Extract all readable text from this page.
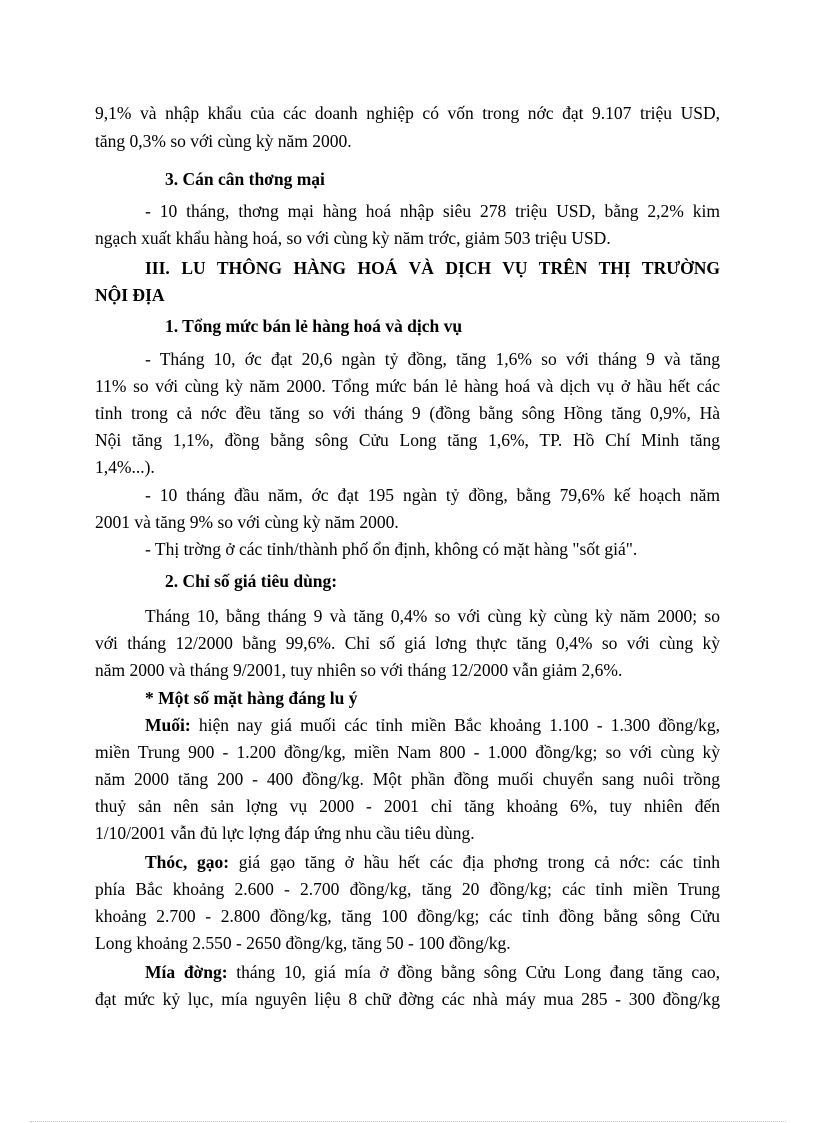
9,1% và nhập khẩu của các doanh nghiệp có vốn trong nớc đạt 9.107 triệu USD,
tăng 0,3% so với cùng kỳ năm 2000.
3. Cán cân thơng mại
- 10 tháng, thơng mại hàng hoá nhập siêu 278 triệu USD, bằng 2,2% kim
ngạch xuất khẩu hàng hoá, so với cùng kỳ năm trớc, giảm 503 triệu USD.
III. LU THÔNG HÀNG HOÁ VÀ DỊCH VỤ TRÊN THỊ TRƯỜNG
NỘI ĐỊA
1. Tổng mức bán lẻ hàng hoá và dịch vụ
- Tháng 10, ớc đạt 20,6 ngàn tỷ đồng, tăng 1,6% so với tháng 9 và tăng
11% so với cùng kỳ năm 2000. Tổng mức bán lẻ hàng hoá và dịch vụ ở hầu hết các
tỉnh trong cả nớc đều tăng so với tháng 9 (đồng bằng sông Hồng tăng 0,9%, Hà
Nội tăng 1,1%, đồng bằng sông Cửu Long tăng 1,6%, TP. Hồ Chí Minh tăng
1,4%...).
- 10 tháng đầu năm, ớc đạt 195 ngàn tỷ đồng, bằng 79,6% kế hoạch năm
2001 và tăng 9% so với cùng kỳ năm 2000.
- Thị trờng ở các tỉnh/thành phố ổn định, không có mặt hàng "sốt giá".
2. Chỉ số giá tiêu dùng:
Tháng 10, bằng tháng 9 và tăng 0,4% so với cùng kỳ cùng kỳ năm 2000; so
với tháng 12/2000 bằng 99,6%. Chỉ số giá lơng thực tăng 0,4% so với cùng kỳ
năm 2000 và tháng 9/2001, tuy nhiên so với tháng 12/2000 vẫn giảm 2,6%.
* Một số mặt hàng đáng lu ý
Muối: hiện nay giá muối các tỉnh miền Bắc khoảng 1.100 - 1.300 đồng/kg,
miền Trung 900 - 1.200 đồng/kg, miền Nam 800 - 1.000 đồng/kg; so với cùng kỳ
năm 2000 tăng 200 - 400 đồng/kg. Một phần đồng muối chuyển sang nuôi trồng
thuỷ sản nên sản lợng vụ 2000 - 2001 chỉ tăng khoảng 6%, tuy nhiên đến
1/10/2001 vẫn đủ lực lợng đáp ứng nhu cầu tiêu dùng.
Thóc, gạo: giá gạo tăng ở hầu hết các địa phơng trong cả nớc: các tỉnh
phía Bắc khoảng 2.600 - 2.700 đồng/kg, tăng 20 đồng/kg; các tỉnh miền Trung
khoảng 2.700 - 2.800 đồng/kg, tăng 100 đồng/kg; các tỉnh đồng bằng sông Cửu
Long khoảng 2.550 - 2650 đồng/kg, tăng 50 - 100 đồng/kg.
Mía đờng: tháng 10, giá mía ở đồng bằng sông Cửu Long đang tăng cao,
đạt mức kỷ lục, mía nguyên liệu 8 chữ đờng các nhà máy mua 285 - 300 đồng/kg
